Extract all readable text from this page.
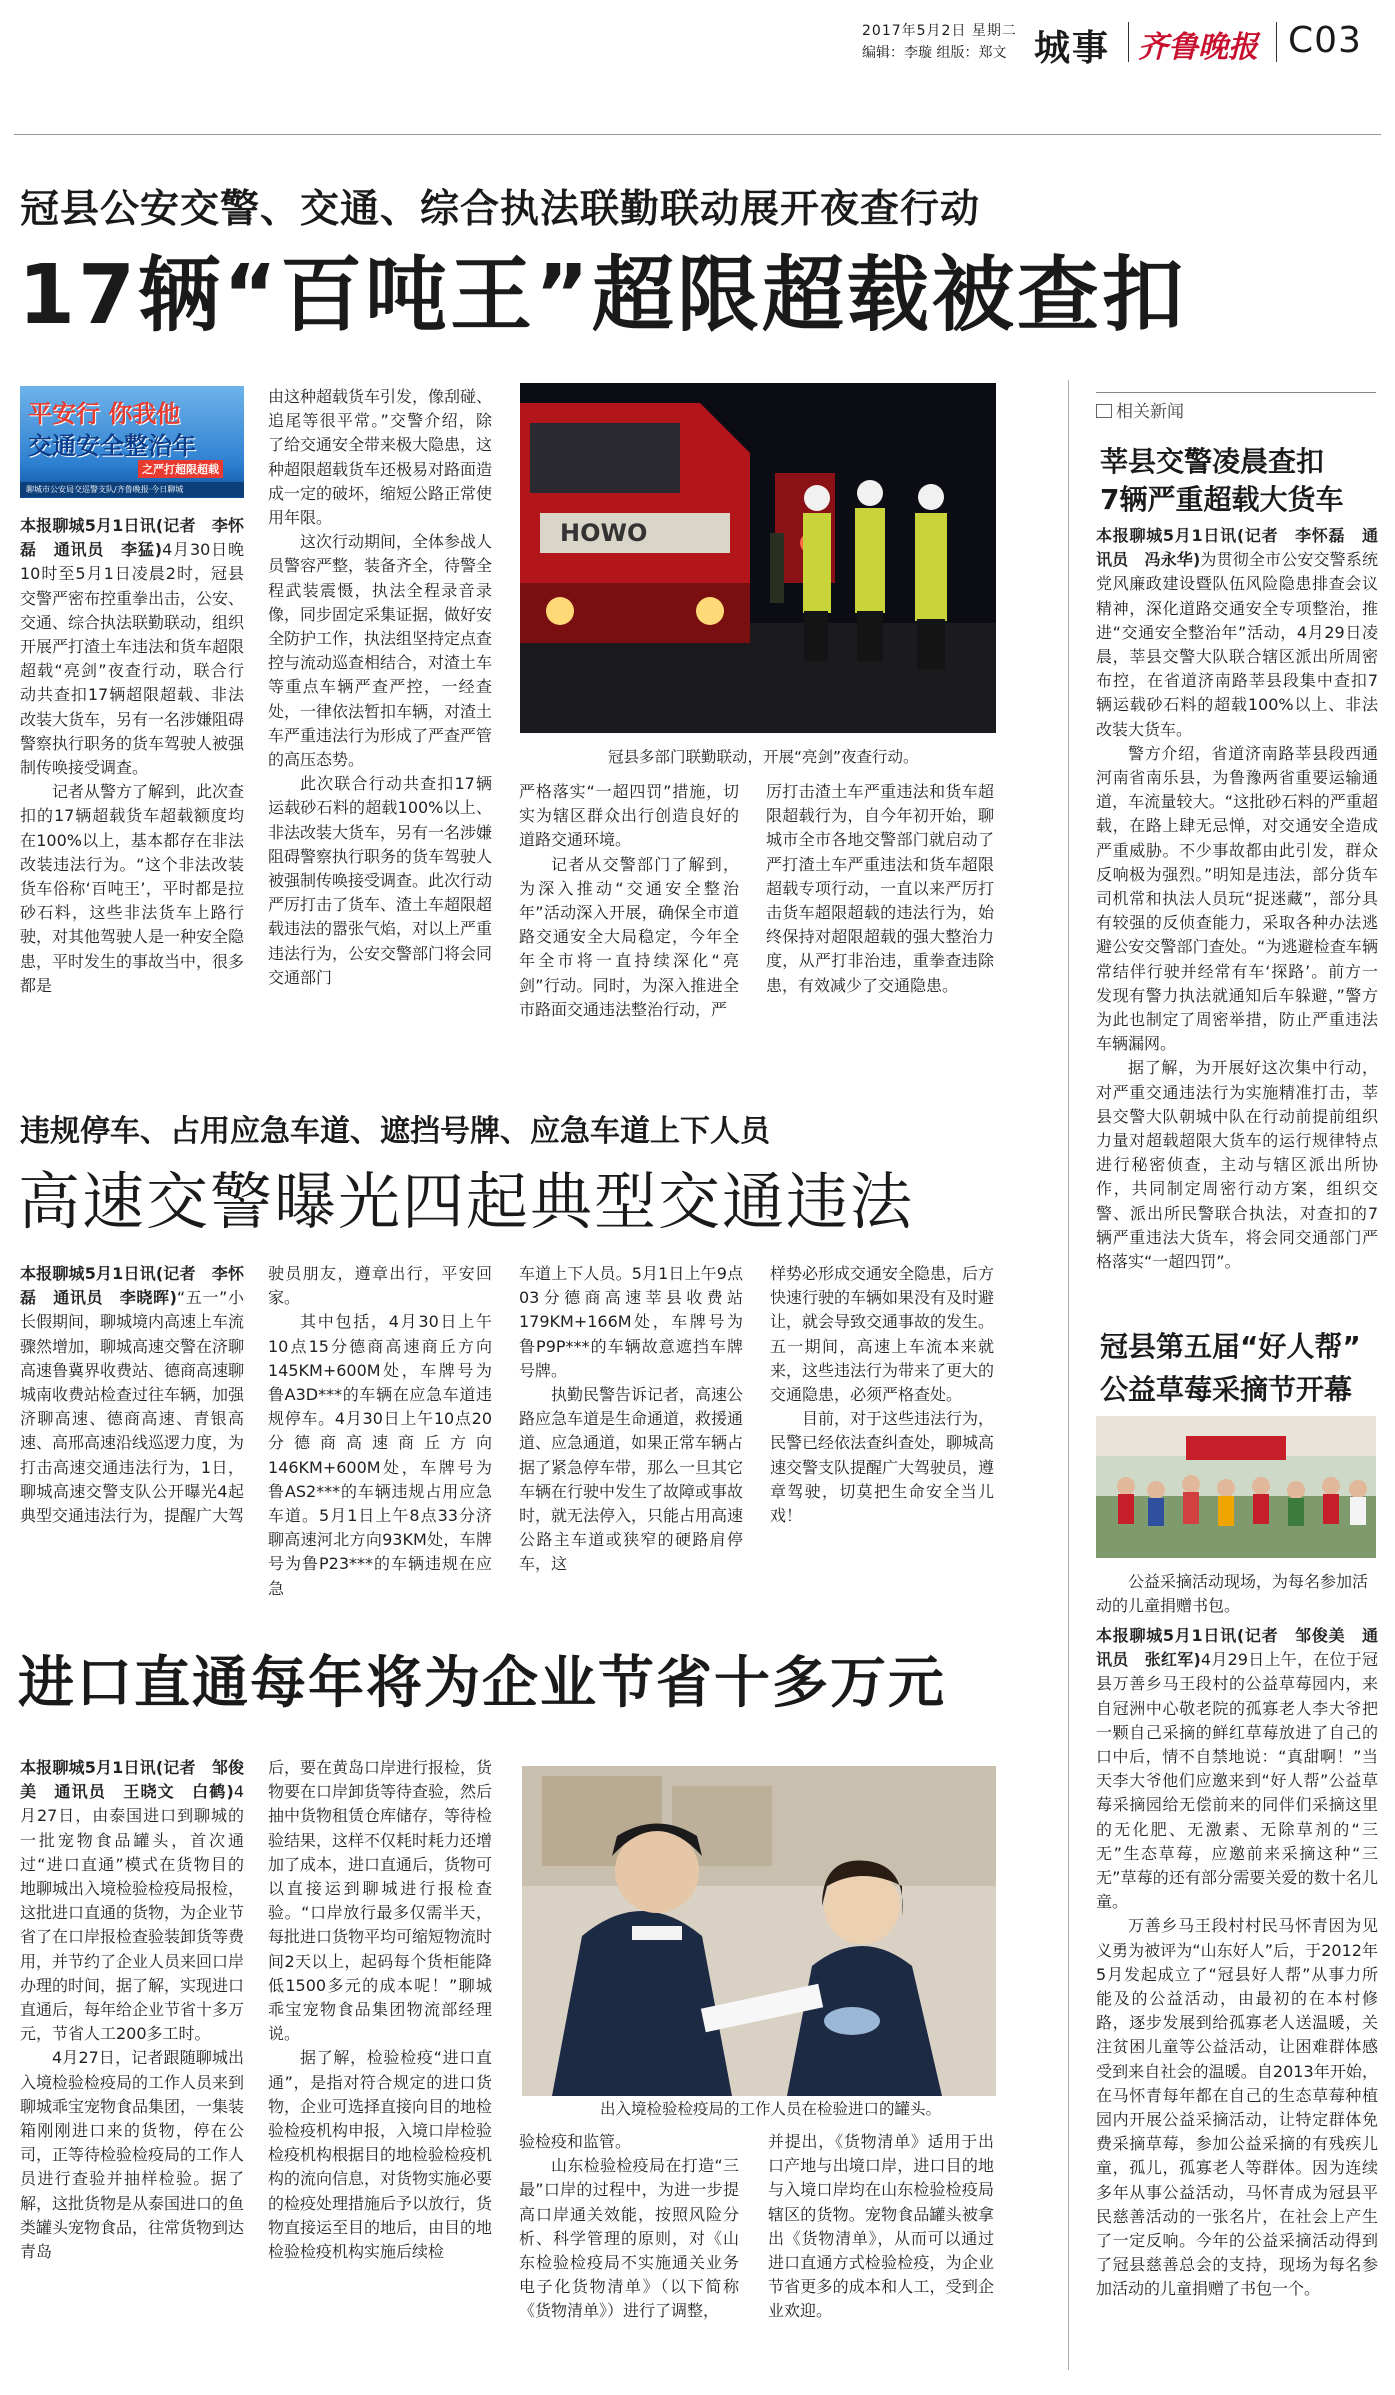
2017年5月2日 星期二
编辑：李璇 组版：郑文 城事 齐鲁晚报 C03
冠县公安交警、交通、综合执法联勤联动展开夜查行动
17辆“百吨王”超限超载被查扣
平安行 你我他
交通安全整治年
之严打超限超载
聊城市公安局交巡警支队/齐鲁晚报·今日聊城

本报聊城5月1日讯(记者　李怀磊　通讯员　李猛)4月30日晚10时至5月1日凌晨2时，冠县交警严密布控重拳出击，公安、交通、综合执法联勤联动，组织开展严打渣土车违法和货车超限超载“亮剑”夜查行动，联合行动共查扣17辆超限超载、非法改装大货车，另有一名涉嫌阻碍警察执行职务的货车驾驶人被强制传唤接受调查。

记者从警方了解到，此次查扣的17辆超载货车超载额度均在100%以上，基本都存在非法改装违法行为。“这个非法改装货车俗称‘百吨王’，平时都是拉砂石料，这些非法货车上路行驶，对其他驾驶人是一种安全隐患，平时发生的事故当中，很多都是

由这种超载货车引发，像刮碰、追尾等很平常。”交警介绍，除了给交通安全带来极大隐患，这种超限超载货车还极易对路面造成一定的破坏，缩短公路正常使用年限。

这次行动期间，全体参战人员警容严整，装备齐全，待警全程武装震慑，执法全程录音录像，同步固定采集证据，做好安全防护工作，执法组坚持定点查控与流动巡查相结合，对渣土车等重点车辆严查严控，一经查处，一律依法暂扣车辆，对渣土车严重违法行为形成了严查严管的高压态势。

此次联合行动共查扣17辆运载砂石料的超载100%以上、非法改装大货车，另有一名涉嫌阻碍警察执行职务的货车驾驶人被强制传唤接受调查。此次行动严厉打击了货车、渣土车超限超载违法的嚣张气焰，对以上严重违法行为，公安交警部门将会同交通部门

HOWO
冠县多部门联勤联动，开展“亮剑”夜查行动。

严格落实“一超四罚”措施，切实为辖区群众出行创造良好的道路交通环境。

记者从交警部门了解到，为深入推动“交通安全整治年”活动深入开展，确保全市道路交通安全大局稳定，今年全年全市将一直持续深化“亮剑”行动。同时，为深入推进全市路面交通违法整治行动，严

厉打击渣土车严重违法和货车超限超载行为，自今年初开始，聊城市全市各地交警部门就启动了严打渣土车严重违法和货车超限超载专项行动，一直以来严厉打击货车超限超载的违法行为，始终保持对超限超载的强大整治力度，从严打非治违，重拳查违除患，有效减少了交通隐患。

违规停车、占用应急车道、遮挡号牌、应急车道上下人员
高速交警曝光四起典型交通违法

本报聊城5月1日讯(记者　李怀磊　通讯员　李晓晖)“五一”小长假期间，聊城境内高速上车流骤然增加，聊城高速交警在济聊高速鲁冀界收费站、德商高速聊城南收费站检查过往车辆，加强济聊高速、德商高速、青银高速、高邢高速沿线巡逻力度，为打击高速交通违法行为，1日，聊城高速交警支队公开曝光4起典型交通违法行为，提醒广大驾

驶员朋友，遵章出行，平安回家。

其中包括，4月30日上午10点15分德商高速商丘方向145KM+600M处，车牌号为鲁A3D***的车辆在应急车道违规停车。4月30日上午10点20分德商高速商丘方向146KM+600M处，车牌号为鲁AS2***的车辆违规占用应急车道。5月1日上午8点33分济聊高速河北方向93KM处，车牌号为鲁P23***的车辆违规在应急

车道上下人员。5月1日上午9点03分德商高速莘县收费站179KM+166M处，车牌号为鲁P9P***的车辆故意遮挡车牌号牌。

执勤民警告诉记者，高速公路应急车道是生命通道，救援通道、应急通道，如果正常车辆占据了紧急停车带，那么一旦其它车辆在行驶中发生了故障或事故时，就无法停入，只能占用高速公路主车道或狭窄的硬路肩停车，这

样势必形成交通安全隐患，后方快速行驶的车辆如果没有及时避让，就会导致交通事故的发生。五一期间，高速上车流本来就来，这些违法行为带来了更大的交通隐患，必须严格查处。

目前，对于这些违法行为，民警已经依法查纠查处，聊城高速交警支队提醒广大驾驶员，遵章驾驶，切莫把生命安全当儿戏！

进口直通每年将为企业节省十多万元

本报聊城5月1日讯(记者　邹俊美　通讯员　王晓文　白鹤)4月27日，由泰国进口到聊城的一批宠物食品罐头，首次通过“进口直通”模式在货物目的地聊城出入境检验检疫局报检，这批进口直通的货物，为企业节省了在口岸报检查验装卸货等费用，并节约了企业人员来回口岸办理的时间，据了解，实现进口直通后，每年给企业节省十多万元，节省人工200多工时。

4月27日，记者跟随聊城出入境检验检疫局的工作人员来到聊城乖宝宠物食品集团，一集装箱刚刚进口来的货物，停在公司，正等待检验检疫局的工作人员进行查验并抽样检验。据了解，这批货物是从泰国进口的鱼类罐头宠物食品，往常货物到达青岛

后，要在黄岛口岸进行报检，货物要在口岸卸货等待查验，然后抽中货物租赁仓库储存，等待检验结果，这样不仅耗时耗力还增加了成本，进口直通后，货物可以直接运到聊城进行报检查验。“口岸放行最多仅需半天，每批进口货物平均可缩短物流时间2天以上，起码每个货柜能降低1500多元的成本呢！”聊城乖宝宠物食品集团物流部经理说。

据了解，检验检疫“进口直通”，是指对符合规定的进口货物，企业可选择直接向目的地检验检疫机构申报，入境口岸检验检疫机构根据目的地检验检疫机构的流向信息，对货物实施必要的检疫处理措施后予以放行，货物直接运至目的地后，由目的地检验检疫机构实施后续检

出入境检验检疫局的工作人员在检验进口的罐头。

验检疫和监管。

山东检验检疫局在打造“三最”口岸的过程中，为进一步提高口岸通关效能，按照风险分析、科学管理的原则，对《山东检验检疫局不实施通关业务电子化货物清单》（以下简称《货物清单》）进行了调整，

并提出，《货物清单》适用于出口产地与出境口岸，进口目的地与入境口岸均在山东检验检疫局辖区的货物。宠物食品罐头被拿出《货物清单》，从而可以通过进口直通方式检验检疫，为企业节省更多的成本和人工，受到企业欢迎。

相关新闻
莘县交警凌晨查扣
7辆严重超载大货车

本报聊城5月1日讯(记者　李怀磊　通讯员　冯永华)为贯彻全市公安交警系统党风廉政建设暨队伍风险隐患排查会议精神，深化道路交通安全专项整治，推进“交通安全整治年”活动，4月29日凌晨，莘县交警大队联合辖区派出所周密布控，在省道济南路莘县段集中查扣7辆运载砂石料的超载100%以上、非法改装大货车。

警方介绍，省道济南路莘县段西通河南省南乐县，为鲁豫两省重要运输通道，车流量较大。“这批砂石料的严重超载，在路上肆无忌惮，对交通安全造成严重威胁。不少事故都由此引发，群众反响极为强烈。”明知是违法，部分货车司机常和执法人员玩“捉迷藏”，部分具有较强的反侦查能力，采取各种办法逃避公安交警部门查处。“为逃避检查车辆常结伴行驶并经常有车‘探路’。前方一发现有警力执法就通知后车躲避，”警方为此也制定了周密举措，防止严重违法车辆漏网。

据了解，为开展好这次集中行动，对严重交通违法行为实施精准打击，莘县交警大队朝城中队在行动前提前组织力量对超载超限大货车的运行规律特点进行秘密侦查，主动与辖区派出所协作，共同制定周密行动方案，组织交警、派出所民警联合执法，对查扣的7辆严重违法大货车，将会同交通部门严格落实“一超四罚”。

冠县第五届“好人帮”
公益草莓采摘节开幕
公益采摘活动现场，为每名参加活动的儿童捐赠书包。

本报聊城5月1日讯(记者　邹俊美　通讯员　张红军)4月29日上午，在位于冠县万善乡马王段村的公益草莓园内，来自冠洲中心敬老院的孤寡老人李大爷把一颗自己采摘的鲜红草莓放进了自己的口中后，情不自禁地说：“真甜啊！”当天李大爷他们应邀来到“好人帮”公益草莓采摘园给无偿前来的同伴们采摘这里的无化肥、无激素、无除草剂的“三无”生态草莓，应邀前来采摘这种“三无”草莓的还有部分需要关爱的数十名儿童。

万善乡马王段村村民马怀青因为见义勇为被评为“山东好人”后，于2012年5月发起成立了“冠县好人帮”从事力所能及的公益活动，由最初的在本村修路，逐步发展到给孤寡老人送温暖，关注贫困儿童等公益活动，让困难群体感受到来自社会的温暖。自2013年开始，在马怀青每年都在自己的生态草莓种植园内开展公益采摘活动，让特定群体免费采摘草莓，参加公益采摘的有残疾儿童，孤儿，孤寡老人等群体。因为连续多年从事公益活动，马怀青成为冠县平民慈善活动的一张名片，在社会上产生了一定反响。今年的公益采摘活动得到了冠县慈善总会的支持，现场为每名参加活动的儿童捐赠了书包一个。
